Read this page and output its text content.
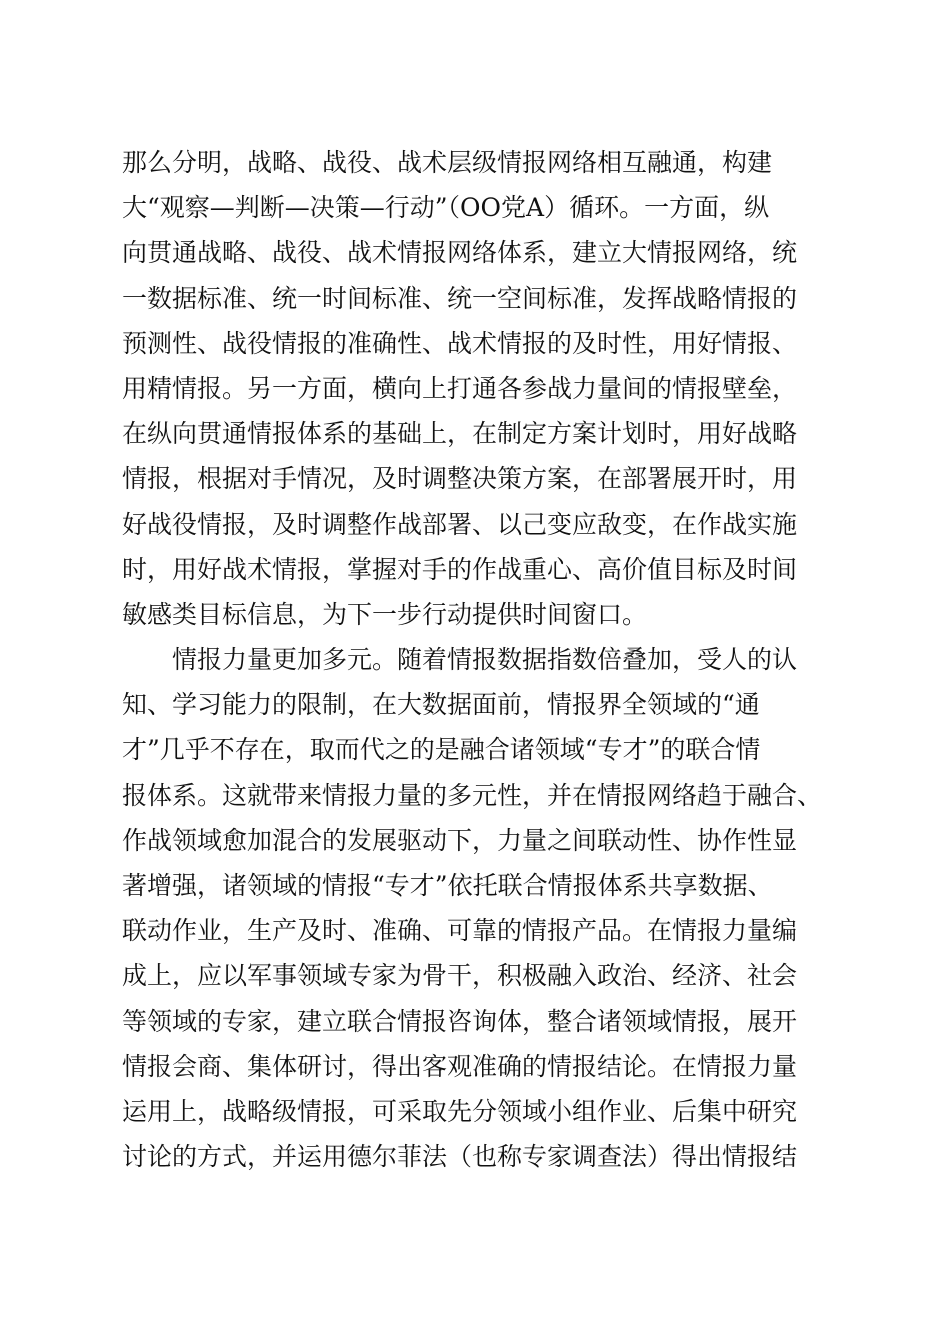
那么分明，战略、战役、战术层级情报网络相互融通，构建
大“观察—判断—决策—行动”（OO党A）循环。一方面，纵
向贯通战略、战役、战术情报网络体系，建立大情报网络，统
一数据标准、统一时间标准、统一空间标准，发挥战略情报的
预测性、战役情报的准确性、战术情报的及时性，用好情报、
用精情报。另一方面，横向上打通各参战力量间的情报壁垒，
在纵向贯通情报体系的基础上，在制定方案计划时，用好战略
情报，根据对手情况，及时调整决策方案，在部署展开时，用
好战役情报，及时调整作战部署、以己变应敌变，在作战实施
时，用好战术情报，掌握对手的作战重心、高价值目标及时间
敏感类目标信息，为下一步行动提供时间窗口。
情报力量更加多元。随着情报数据指数倍叠加，受人的认
知、学习能力的限制，在大数据面前，情报界全领域的“通
才”几乎不存在，取而代之的是融合诸领域“专才”的联合情
报体系。这就带来情报力量的多元性，并在情报网络趋于融合、
作战领域愈加混合的发展驱动下，力量之间联动性、协作性显
著增强，诸领域的情报“专才”依托联合情报体系共享数据、
联动作业，生产及时、准确、可靠的情报产品。在情报力量编
成上，应以军事领域专家为骨干，积极融入政治、经济、社会
等领域的专家，建立联合情报咨询体，整合诸领域情报，展开
情报会商、集体研讨，得出客观准确的情报结论。在情报力量
运用上，战略级情报，可采取先分领域小组作业、后集中研究
讨论的方式，并运用德尔菲法（也称专家调查法）得出情报结
